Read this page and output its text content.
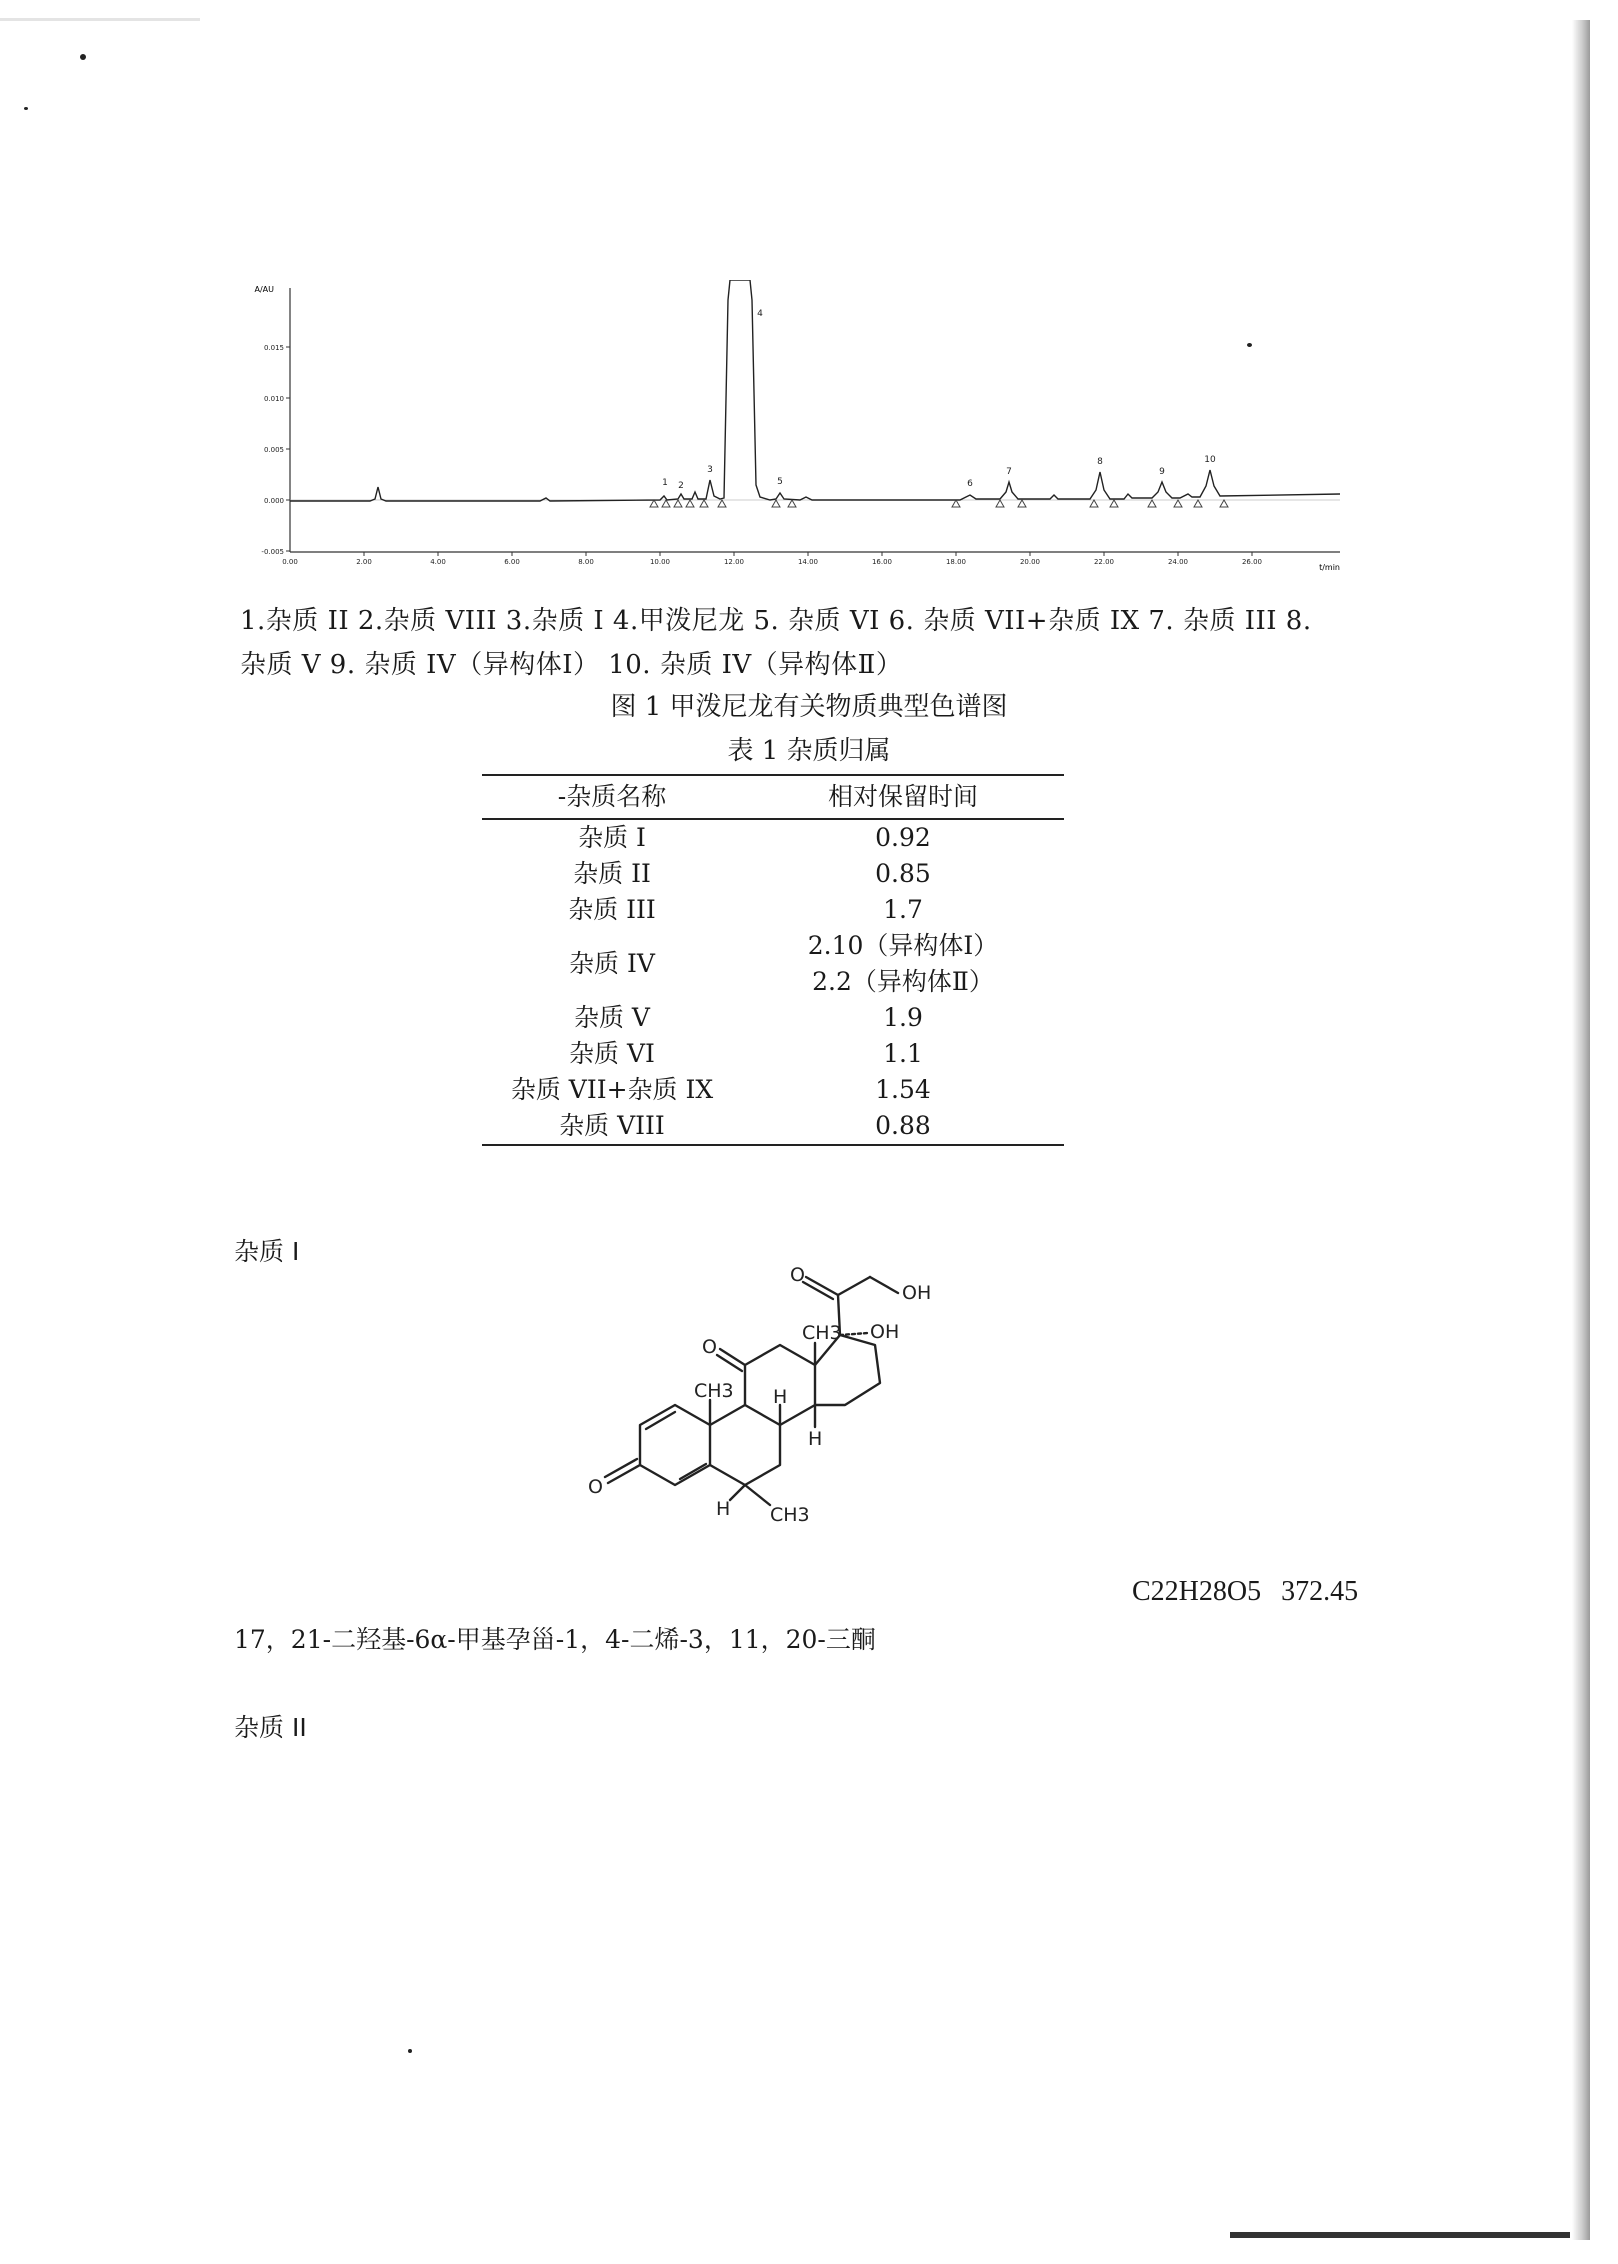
A/AU
t/min
0.015
0.010
0.005
0.000
-0.005
0.00	2.00	4.00	6.00	8.00	10.00	12.00	14.00	16.00	18.00	20.00	22.00	24.00	26.00
1 2
3
4
5	6
7
8
9
10
1.杂质 II 2.杂质 VIII 3.杂质 I 4.甲泼尼龙 5. 杂质 VI 6. 杂质 VII+杂质 IX 7. 杂质 III 8.
杂质 V 9. 杂质 IV（异构体Ⅰ） 10. 杂质 IV（异构体Ⅱ）
图 1 甲泼尼龙有关物质典型色谱图
表 1 杂质归属
-杂质名称	相对保留时间
杂质 I	0.92
杂质 II	0.85
杂质 III	1.7
杂质 IV	2.10（异构体Ⅰ）
2.2（异构体Ⅱ）

杂质 V	1.9
杂质 VI	1.1
杂质 VII+杂质 IX	1.54
杂质 VIII	0.88
杂质 I
O
O
O
OH
OH
CH3
CH3
CH3
H
H
H
C22H28O5 372.45
17，21-二羟基-6α-甲基孕甾-1，4-二烯-3，11，20-三酮
杂质 II
